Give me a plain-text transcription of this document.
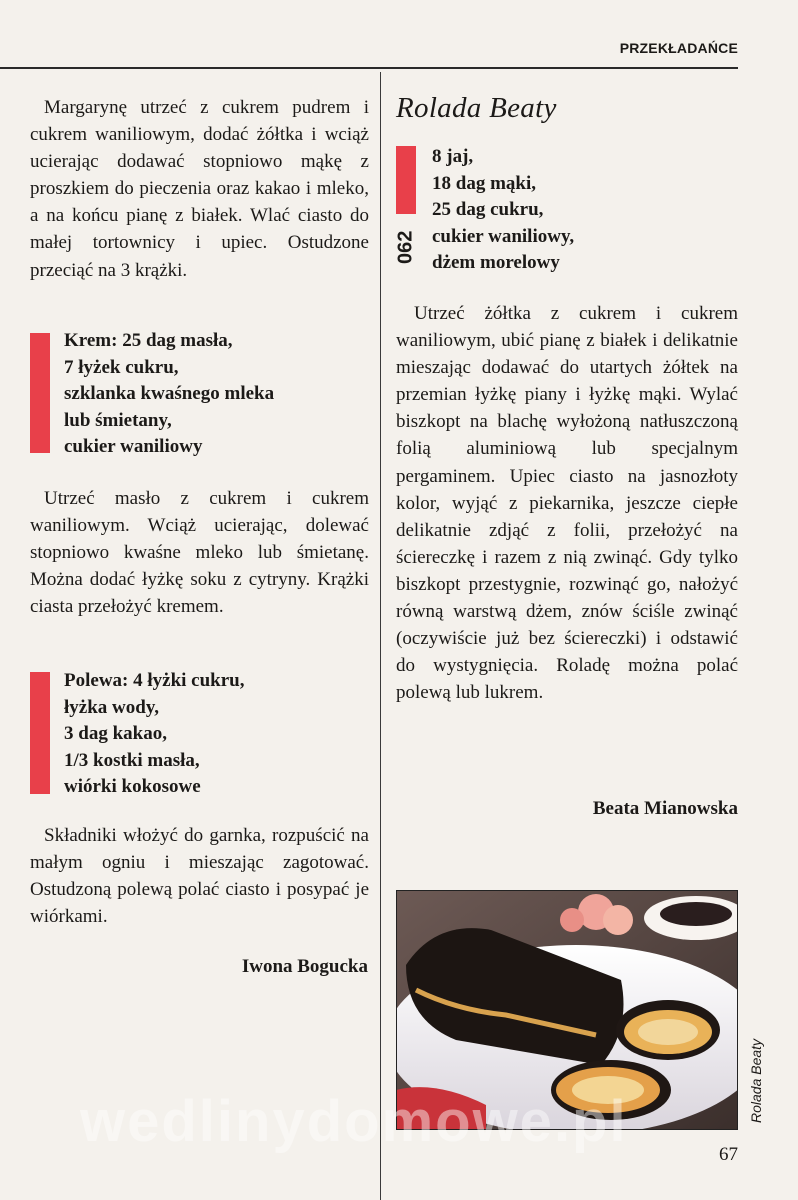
PRZEKŁADAŃCE

Margarynę utrzeć z cukrem pudrem i cukrem waniliowym, dodać żółtka i wciąż ucierając dodawać stopniowo mąkę z proszkiem do pieczenia oraz kakao i mleko, a na końcu pianę z białek. Wlać ciasto do małej tortownicy i upiec. Ostudzone przeciąć na 3 krążki.

Krem: 25 dag masła,
7 łyżek cukru,
szklanka kwaśnego mleka
lub śmietany,
cukier waniliowy

Utrzeć masło z cukrem i cukrem waniliowym. Wciąż ucierając, dolewać stopniowo kwaśne mleko lub śmietanę. Można dodać łyżkę soku z cytryny. Krążki ciasta przełożyć kremem.

Polewa: 4 łyżki cukru,
łyżka wody,
3 dag kakao,
1/3 kostki masła,
wiórki kokosowe

Składniki włożyć do garnka, rozpuścić na małym ogniu i mieszając zagotować. Ostudzoną polewą polać ciasto i posypać je wiórkami.

Iwona Bogucka
Rolada Beaty
062
8 jaj,
18 dag mąki,
25 dag cukru,
cukier waniliowy,
dżem morelowy

Utrzeć żółtka z cukrem i cukrem waniliowym, ubić pianę z białek i delikatnie mieszając dodawać do utartych żółtek na przemian łyżkę piany i łyżkę mąki. Wylać biszkopt na blachę wyłożoną natłuszczoną folią aluminiową lub specjalnym pergaminem. Upiec ciasto na jasnozłoty kolor, wyjąć z piekarnika, jeszcze ciepłe delikatnie zdjąć z folii, przełożyć na ściereczkę i razem z nią zwinąć. Gdy tylko biszkopt przestygnie, rozwinąć go, nałożyć równą warstwą dżem, znów ściśle zwinąć (oczywiście już bez ściereczki) i odstawić do wystygnięcia. Roladę można polać polewą lub lukrem.

Beata Mianowska
Rolada Beaty
wedlinydomowe.pl
67
